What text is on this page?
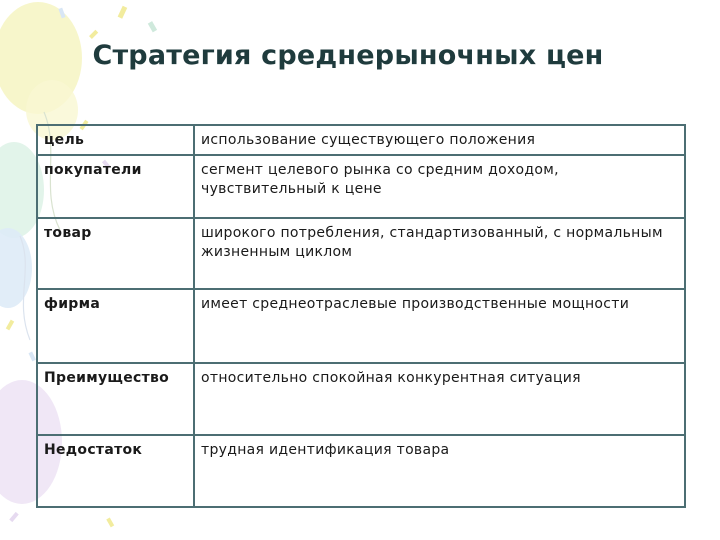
Стратегия среднерыночных цен
цель	использование существующего положения
покупатели	сегмент целевого рынка со средним доходом, чувствительный к цене
товар	широкого потребления, стандартизованный, с нормальным жизненным циклом
фирма	имеет среднеотраслевые производственные мощности
Преимущество	относительно спокойная конкурентная ситуация
Недостаток	трудная идентификация товара
